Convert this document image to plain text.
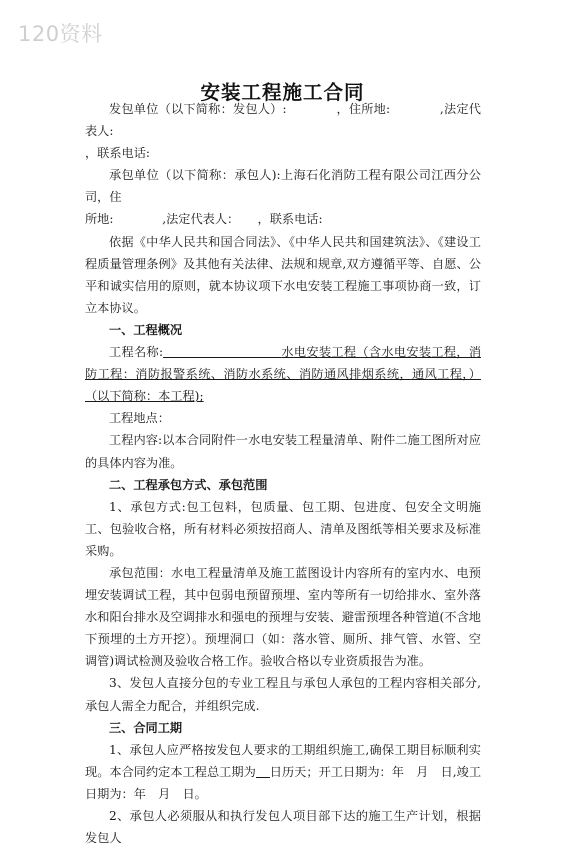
120资料
安装工程施工合同

发包单位（以下简称：发包人）:　　　　，住所地:　　　　,法定代表人:

，联系电话:

承包单位（以下简称：承包人):上海石化消防工程有限公司江西分公司，住

所地:　　　　,法定代表人：　　，联系电话:

依据《中华人民共和国合同法》、《中华人民共和国建筑法》、《建设工程质量管理条例》及其他有关法律、法规和规章,双方遵循平等、自愿、公平和诚实信用的原则，就本协议项下水电安装工程施工事项协商一致，订立本协议。

一、工程概况

工程名称:	水电安装工程（含水电安装工程，消防工程：消防报警系统、消防水系统、消防通风排烟系统，通风工程，）（以下简称：本工程);

工程地点：

工程内容:以本合同附件一水电安装工程量清单、附件二施工图所对应的具体内容为准。

二、工程承包方式、承包范围

1、承包方式:包工包料，包质量、包工期、包进度、包安全文明施工、包验收合格，所有材料必须按招商人、清单及图纸等相关要求及标准采购。

承包范围：水电工程量清单及施工蓝图设计内容所有的室内水、电预埋安装调试工程，其中包弱电预留预埋、室内等所有一切给排水、室外落水和阳台排水及空调排水和强电的预埋与安装、避雷预埋各种管道(不含地下预埋的土方开挖）。预埋洞口（如：落水管、厕所、排气管、水管、空调管)调试检测及验收合格工作。验收合格以专业资质报告为准。

3、发包人直接分包的专业工程且与承包人承包的工程内容相关部分,承包人需全力配合，并组织完成.

三、合同工期

1、承包人应严格按发包人要求的工期组织施工,确保工期目标顺利实现。本合同约定本工程总工期为 日历天；开工日期为：年　月　日,竣工日期为：年　月　日。

2、承包人必须服从和执行发包人项目部下达的施工生产计划，根据发包人
